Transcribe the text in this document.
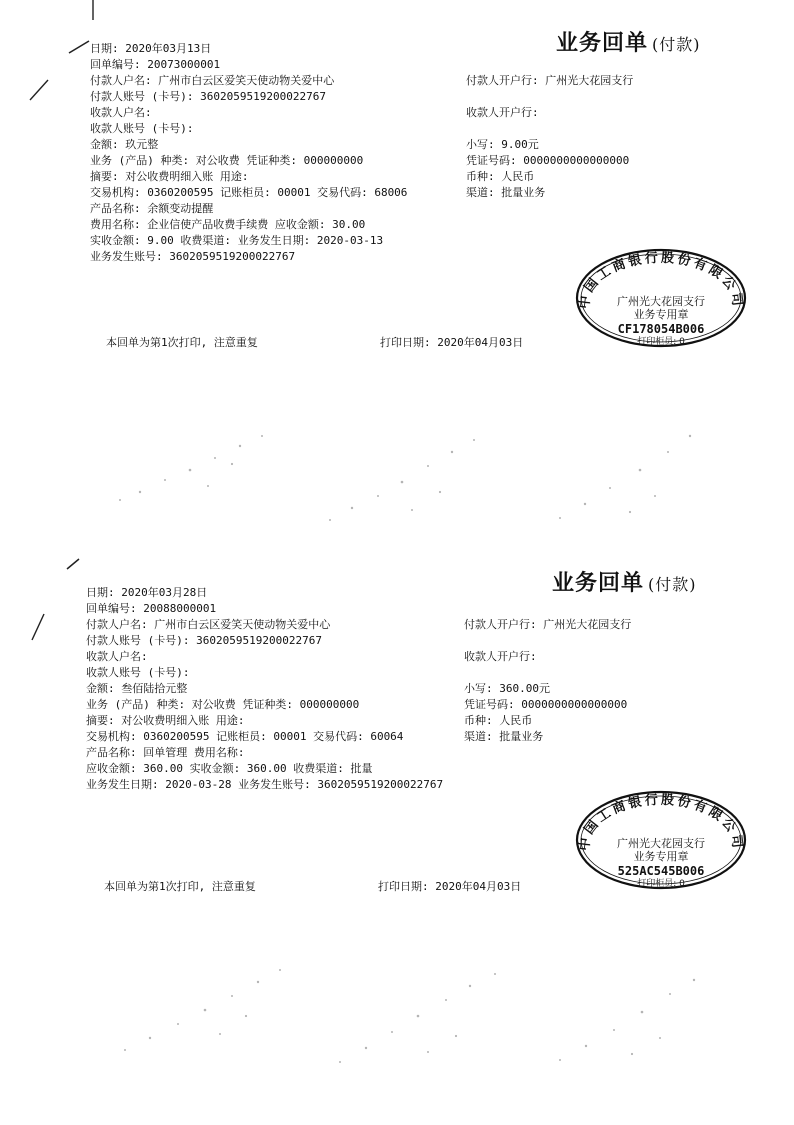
业务回单 (付款)
日期: 2020年03月13日
回单编号: 20073000001
付款人户名: 广州市白云区爱笑天使动物关爱中心
付款人账号 (卡号): 3602059519200022767
收款人户名:
收款人账号 (卡号):
金额: 玖元整
业务 (产品) 种类: 对公收费 凭证种类: 000000000
摘要: 对公收费明细入账 用途:
交易机构: 0360200595 记账柜员: 00001 交易代码: 68006
产品名称: 余额变动提醒
费用名称: 企业信使产品收费手续费 应收金额: 30.00
实收金额: 9.00 收费渠道: 业务发生日期: 2020-03-13
业务发生账号: 3602059519200022767
付款人开户行: 广州光大花园支行
收款人开户行:
小写: 9.00元
凭证号码: 0000000000000000
币种: 人民币
渠道: 批量业务
中国工商银行股份有限公司
广州光大花园支行
业务专用章
CF178054B006
打印柜员: 0
本回单为第1次打印, 注意重复	打印日期: 2020年04月03日
业务回单 (付款)
日期: 2020年03月28日
回单编号: 20088000001
付款人户名: 广州市白云区爱笑天使动物关爱中心
付款人账号 (卡号): 3602059519200022767
收款人户名:
收款人账号 (卡号):
金额: 叁佰陆拾元整
业务 (产品) 种类: 对公收费 凭证种类: 000000000
摘要: 对公收费明细入账 用途:
交易机构: 0360200595 记账柜员: 00001 交易代码: 60064
产品名称: 回单管理 费用名称:
应收金额: 360.00 实收金额: 360.00 收费渠道: 批量
业务发生日期: 2020-03-28 业务发生账号: 3602059519200022767
付款人开户行: 广州光大花园支行
收款人开户行:
小写: 360.00元
凭证号码: 0000000000000000
币种: 人民币
渠道: 批量业务
中国工商银行股份有限公司
广州光大花园支行
业务专用章
525AC545B006
打印柜员: 0
本回单为第1次打印, 注意重复	打印日期: 2020年04月03日
